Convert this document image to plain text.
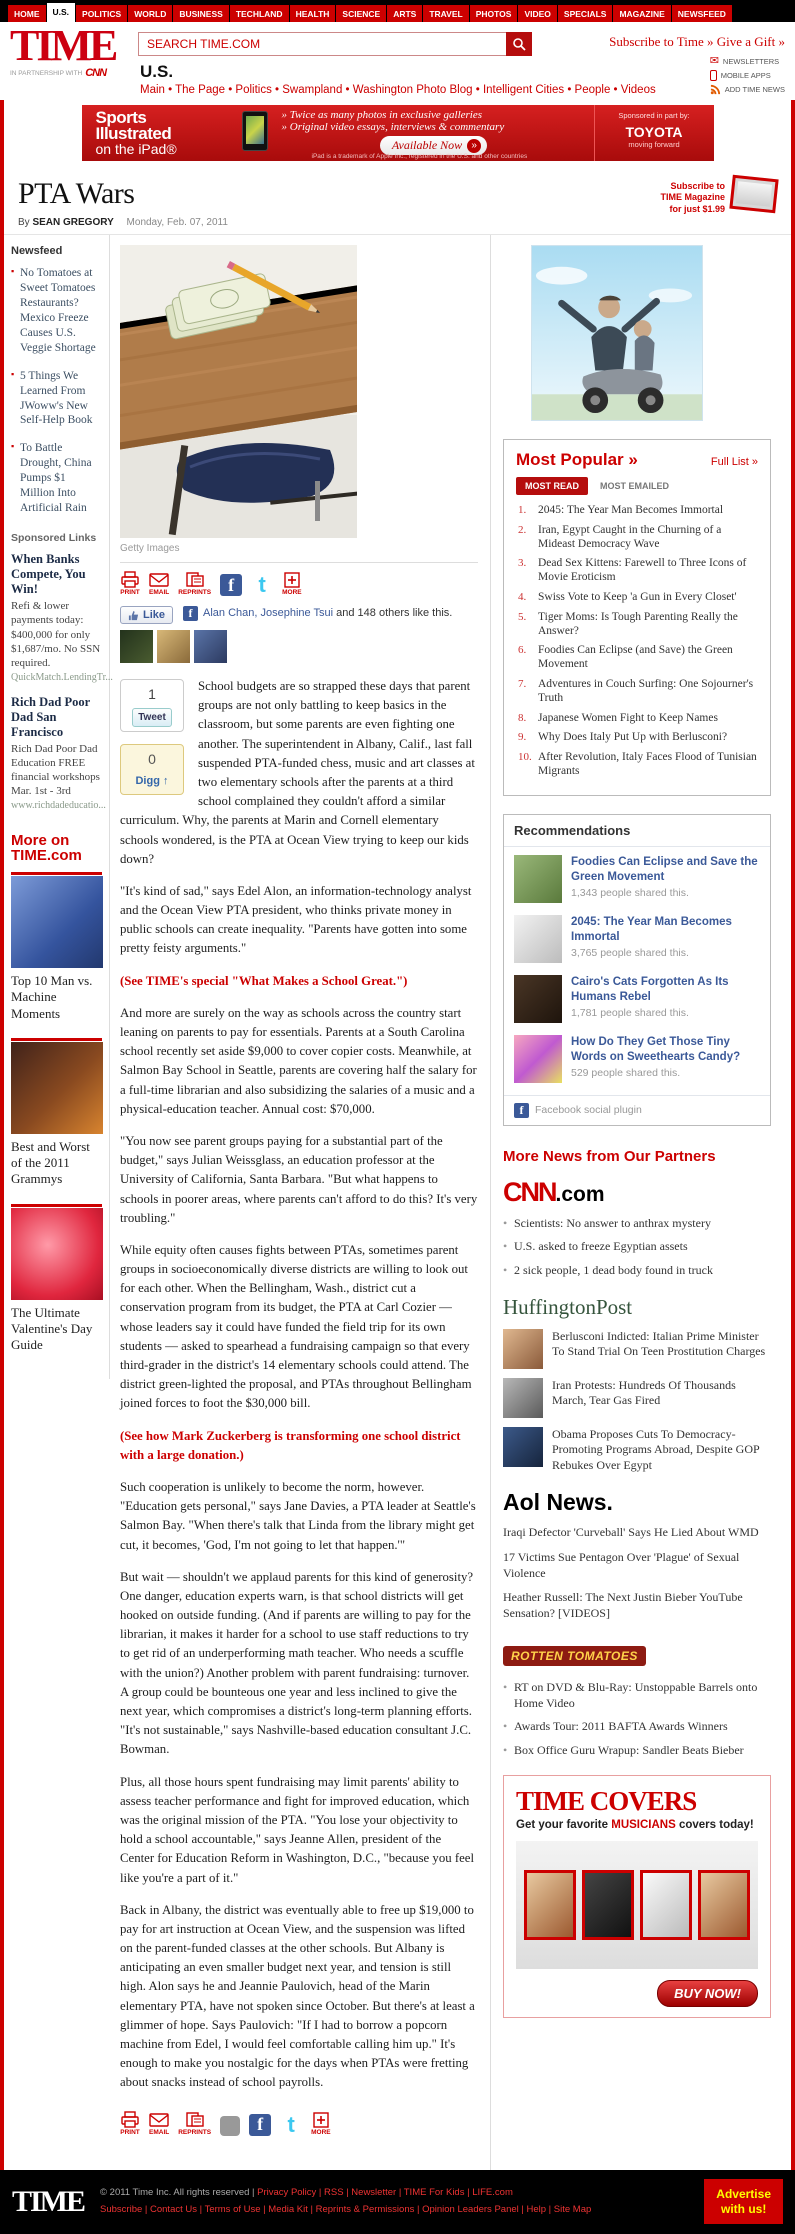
HOME	U.S.	POLITICS	WORLD	BUSINESS	TECHLAND	HEALTH	SCIENCE	ARTS	TRAVEL	PHOTOS	VIDEO	SPECIALS	MAGAZINE	NEWSFEED
TIME
IN PARTNERSHIP WITH CNN
SEARCH TIME.COM
Subscribe to Time » Give a Gift »
✉ NEWSLETTERS
MOBILE APPS
ADD TIME NEWS
U.S.
Main • The Page • Politics • Swampland • Washington Photo Blog • Intelligent Cities • People • Videos
Sports
Illustrated
on the iPad®
» Twice as many photos in exclusive galleries
» Original video essays, interviews & commentary
Available Now »
Sponsored in part by:
TOYOTA
moving forward
iPad is a trademark of Apple Inc., registered in the U.S. and other countries
PTA Wars
By SEAN GREGORY Monday, Feb. 07, 2011
Subscribe to
TIME Magazine
for just $1.99
Newsfeed
▪ No Tomatoes at Sweet Tomatoes Restaurants? Mexico Freeze Causes U.S. Veggie Shortage
▪ 5 Things We Learned From JWoww's New Self-Help Book
▪ To Battle Drought, China Pumps $1 Million Into Artificial Rain
Sponsored Links
When Banks Compete, You Win!
Refi & lower payments today: $400,000 for only $1,687/mo. No SSN required.
QuickMatch.LendingTr...
Rich Dad Poor Dad San Francisco
Rich Dad Poor Dad Education FREE financial workshops Mar. 1st - 3rd
www.richdadeducatio...
More on TIME.com
Top 10 Man vs. Machine Moments
Best and Worst of the 2011 Grammys
The Ultimate Valentine's Day Guide
Getty Images
PRINT EMAIL REPRINTS f t	MORE
Like	f Alan Chan, Josephine Tsui and 148 others like this.
1
Tweet
0
Digg ↑

School budgets are so strapped these days that parent groups are not only battling to keep basics in the classroom, but some parents are even fighting one another. The superintendent in Albany, Calif., last fall suspended PTA-funded chess, music and art classes at two elementary schools after the parents at a third school complained they couldn't afford a similar curriculum. Why, the parents at Marin and Cornell elementary schools wondered, is the PTA at Ocean View trying to keep our kids down?

"It's kind of sad," says Edel Alon, an information-technology analyst and the Ocean View PTA president, who thinks private money in public schools can create inequality. "Parents have gotten into some pretty feisty arguments."

(See TIME's special "What Makes a School Great.")

And more are surely on the way as schools across the country start leaning on parents to pay for essentials. Parents at a South Carolina school recently set aside $9,000 to cover copier costs. Meanwhile, at Salmon Bay School in Seattle, parents are covering half the salary for a full-time librarian and also subsidizing the salaries of a music and a physical-education teacher. Annual cost: $70,000.

"You now see parent groups paying for a substantial part of the budget," says Julian Weissglass, an education professor at the University of California, Santa Barbara. "But what happens to schools in poorer areas, where parents can't afford to do this? It's very troubling."

While equity often causes fights between PTAs, sometimes parent groups in socioeconomically diverse districts are willing to look out for each other. When the Bellingham, Wash., district cut a conservation program from its budget, the PTA at Carl Cozier — whose leaders say it could have funded the field trip for its own students — asked to spearhead a fundraising campaign so that every third-grader in the district's 14 elementary schools could attend. The district green-lighted the proposal, and PTAs throughout Bellingham joined forces to foot the $30,000 bill.

(See how Mark Zuckerberg is transforming one school district with a large donation.)

Such cooperation is unlikely to become the norm, however. "Education gets personal," says Jane Davies, a PTA leader at Seattle's Salmon Bay. "When there's talk that Linda from the library might get cut, it becomes, 'God, I'm not going to let that happen.'"

But wait — shouldn't we applaud parents for this kind of generosity? One danger, education experts warn, is that school districts will get hooked on outside funding. (And if parents are willing to pay for the librarian, it makes it harder for a school to use staff reductions to try to get rid of an underperforming math teacher. Who needs a scuffle with the union?) Another problem with parent fundraising: turnover. A group could be bounteous one year and less inclined to give the next year, which compromises a district's long-term planning efforts. "It's not sustainable," says Nashville-based education consultant J.C. Bowman.

Plus, all those hours spent fundraising may limit parents' ability to assess teacher performance and fight for improved education, which was the original mission of the PTA. "You lose your objectivity to hold a school accountable," says Jeanne Allen, president of the Center for Education Reform in Washington, D.C., "because you feel like you're a part of it."

Back in Albany, the district was eventually able to free up $19,000 to pay for art instruction at Ocean View, and the suspension was lifted on the parent-funded classes at the other schools. But Albany is anticipating an even smaller budget next year, and tension is still high. Alon says he and Jeannie Paulovich, head of the Marin elementary PTA, have not spoken since October. But there's at least a glimmer of hope. Says Paulovich: "If I had to borrow a popcorn machine from Edel, I would feel comfortable calling him up." It's enough to make you nostalgic for the days when PTAs were fretting about snacks instead of school payrolls.

PRINT EMAIL REPRINTS f t	MORE
Most Popular »	Full List »
MOST READ	MOST EMAILED
2045: The Year Man Becomes Immortal
Iran, Egypt Caught in the Churning of a Mideast Democracy Wave
Dead Sex Kittens: Farewell to Three Icons of Movie Eroticism
Swiss Vote to Keep 'a Gun in Every Closet'
Tiger Moms: Is Tough Parenting Really the Answer?
Foodies Can Eclipse (and Save) the Green Movement
Adventures in Couch Surfing: One Sojourner's Truth
Japanese Women Fight to Keep Names
Why Does Italy Put Up with Berlusconi?
After Revolution, Italy Faces Flood of Tunisian Migrants
Recommendations
Foodies Can Eclipse and Save the Green Movement
1,343 people shared this.
2045: The Year Man Becomes Immortal
3,765 people shared this.
Cairo's Cats Forgotten As Its Humans Rebel
1,781 people shared this.
How Do They Get Those Tiny Words on Sweethearts Candy?
529 people shared this.
f	Facebook social plugin
More News from Our Partners
CNN .com
• Scientists: No answer to anthrax mystery
• U.S. asked to freeze Egyptian assets
• 2 sick people, 1 dead body found in truck
HuffingtonPost
Berlusconi Indicted: Italian Prime Minister To Stand Trial On Teen Prostitution Charges
Iran Protests: Hundreds Of Thousands March, Tear Gas Fired
Obama Proposes Cuts To Democracy-Promoting Programs Abroad, Despite GOP Rebukes Over Egypt
Aol News.
Iraqi Defector 'Curveball' Says He Lied About WMD
17 Victims Sue Pentagon Over 'Plague' of Sexual Violence
Heather Russell: The Next Justin Bieber YouTube Sensation? [VIDEOS]
ROTTEN TOMATOES
• RT on DVD & Blu-Ray: Unstoppable Barrels onto Home Video
• Awards Tour: 2011 BAFTA Awards Winners
• Box Office Guru Wrapup: Sandler Beats Bieber
TIME COVERS
Get your favorite MUSICIANS covers today!
BUY NOW!
TIME © 2011 Time Inc. All rights reserved | Privacy Policy | RSS | Newsletter | TIME For Kids | LIFE.com
Subscribe | Contact Us | Terms of Use | Media Kit | Reprints & Permissions | Opinion Leaders Panel | Help | Site Map
Advertise
with us!
